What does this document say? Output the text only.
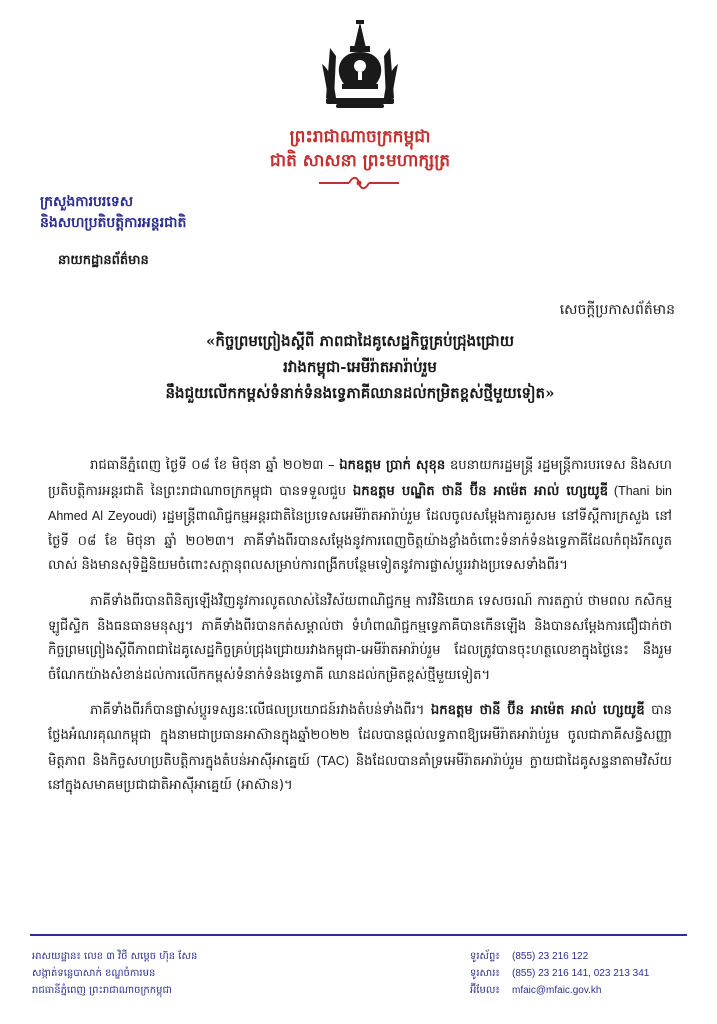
ព្រះរាជាណាចក្រកម្ពុជា
ជាតិ សាសនា ព្រះមហាក្សត្រ
ក្រសួងការបរទេស
និងសហប្រតិបត្តិការអន្តរជាតិ
នាយកដ្ឋានព័ត៌មាន
សេចក្ដីប្រកាសព័ត៌មាន
«កិច្ចព្រមព្រៀងស្ដីពី ភាពជាដៃគូសេដ្ឋកិច្ចគ្រប់ជ្រុងជ្រោយ
រវាងកម្ពុជា-អេមីរ៉ាតអារ៉ាប់រួម
នឹងជួយលើកកម្ពស់ទំនាក់ទំនងទ្វេភាគីឈានដល់កម្រិតខ្ពស់ថ្មីមួយទៀត»

រាជធានីភ្នំពេញ ថ្ងៃទី ០៨ ខែ មិថុនា ឆ្នាំ ២០២៣ – ឯកឧត្តម ប្រាក់ សុខុន ឧបនាយករដ្ឋមន្ត្រី រដ្ឋមន្ត្រីការបរទេស និងសហប្រតិបត្តិការអន្តរជាតិ នៃព្រះរាជាណាចក្រកម្ពុជា បានទទួលជួប ឯកឧត្តម បណ្ឌិត ថានី ប៊ីន អាម៉េត អាល់ ហ្សេយូឌី (Thani bin Ahmed Al Zeyoudi) រដ្ឋមន្ត្រីពាណិជ្ជកម្មអន្តរជាតិនៃប្រទេសអេមីរ៉ាតអារ៉ាប់រួម ដែលចូលសម្ដែងការគួរសម នៅទីស្ដីការក្រសួង នៅថ្ងៃទី ០៨ ខែ មិថុនា ឆ្នាំ ២០២៣។ ភាគីទាំងពីរបានសម្ដែងនូវការពេញចិត្តយ៉ាងខ្លាំងចំពោះទំនាក់ទំនងទ្វេភាគីដែលកំពុងរីកលូតលាស់ និងមានសុទិដ្ឋិនិយមចំពោះសក្ដានុពលសម្រាប់ការពង្រីកបន្ថែមទៀតនូវការផ្លាស់ប្ដូររវាងប្រទេសទាំងពីរ។

ភាគីទាំងពីរបានពិនិត្យឡើងវិញនូវការលូតលាស់នៃវិស័យពាណិជ្ជកម្ម ការវិនិយោគ ទេសចរណ៍ ការតភ្ជាប់ ថាមពល កសិកម្ម ឡូជីស្ទិក និងធនធានមនុស្ស។ ភាគីទាំងពីរបានកត់សម្គាល់ថា ទំហំពាណិជ្ជកម្មទ្វេភាគីបានកើនឡើង និងបានសម្ដែងការជឿជាក់ថា កិច្ចព្រមព្រៀងស្ដីពីភាពជាដៃគូសេដ្ឋកិច្ចគ្រប់ជ្រុងជ្រោយរវាងកម្ពុជា-អេមីរ៉ាតអារ៉ាប់រួម ដែលត្រូវបានចុះហត្ថលេខាក្នុងថ្ងៃនេះ នឹងរួមចំណែកយ៉ាងសំខាន់ដល់ការលើកកម្ពស់ទំនាក់ទំនងទ្វេភាគី ឈានដល់កម្រិតខ្ពស់ថ្មីមួយទៀត។

ភាគីទាំងពីរក៏បានផ្លាស់ប្ដូរទស្សនៈលើផលប្រយោជន៍រវាងតំបន់ទាំងពីរ។ ឯកឧត្តម ថានី ប៊ីន អាម៉េត អាល់ ហ្សេយូឌី បានថ្លែងអំណរគុណកម្ពុជា ក្នុងនាមជាប្រធានអាស៊ានក្នុងឆ្នាំ២០២២ ដែលបានផ្ដល់លទ្ធភាពឱ្យអេមីរ៉ាតអារ៉ាប់រួម ចូលជាភាគីសន្ធិសញ្ញាមិត្តភាព និងកិច្ចសហប្រតិបត្តិការក្នុងតំបន់អាស៊ីអាគ្នេយ៍ (TAC) និងដែលបានគាំទ្រអេមីរ៉ាតអារ៉ាប់រួម ក្លាយជាដៃគូសន្ទនាតាមវិស័យនៅក្នុងសមាគមប្រជាជាតិអាស៊ីអាគ្នេយ៍ (អាស៊ាន)។

អាសយដ្ឋាន៖ លេខ ៣ វិថី សម្ដេច ហ៊ុន សែន
សង្កាត់ទន្លេបាសាក់ ខណ្ឌចំការមន
រាជធានីភ្នំពេញ ព្រះរាជាណាចក្រកម្ពុជា
ទូរស័ព្ទ៖	(855) 23 216 122
ទូរសារ៖	(855) 23 216 141, 023 213 341
អ៊ីមែល៖	mfaic@mfaic.gov.kh
